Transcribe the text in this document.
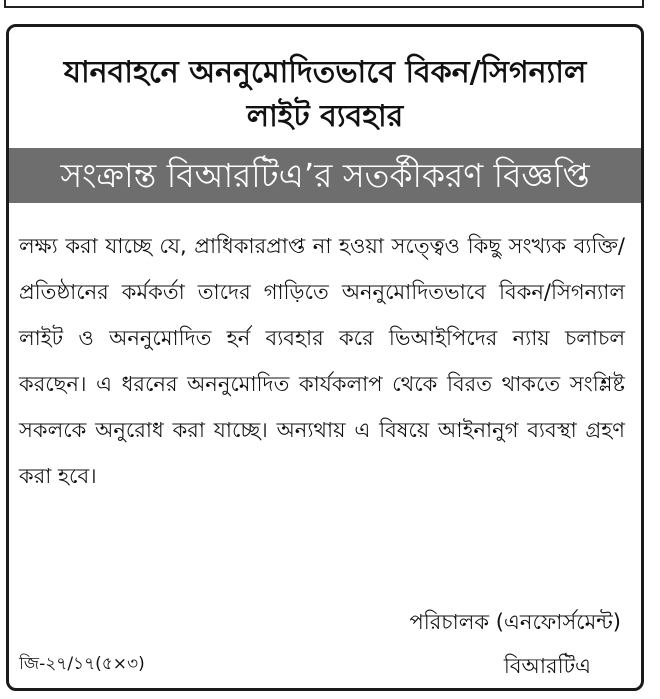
যানবাহনে অননুমোদিতভাবে বিকন/সিগন্যাল
লাইট ব্যবহার
সংক্রান্ত বিআরটিএ’র সতর্কীকরণ বিজ্ঞপ্তি
লক্ষ্য করা যাচ্ছে যে, প্রাধিকারপ্রাপ্ত না হওয়া সত্ত্বেও কিছু সংখ্যক ব্যক্তি/প্রতিষ্ঠানের কর্মকর্তা তাদের গাড়িতে অননুমোদিতভাবে বিকন/সিগন্যাল লাইট ও অননুমোদিত হর্ন ব্যবহার করে ভিআইপিদের ন্যায় চলাচল করছেন। এ ধরনের অননুমোদিত কার্যকলাপ থেকে বিরত থাকতে সংশ্লিষ্ট সকলকে অনুরোধ করা যাচ্ছে। অন্যথায় এ বিষয়ে আইনানুগ ব্যবস্থা গ্রহণ করা হবে।
পরিচালক (এনফোর্সমেন্ট)
বিআরটিএ
জি-২৭/১৭(৫×৩)
